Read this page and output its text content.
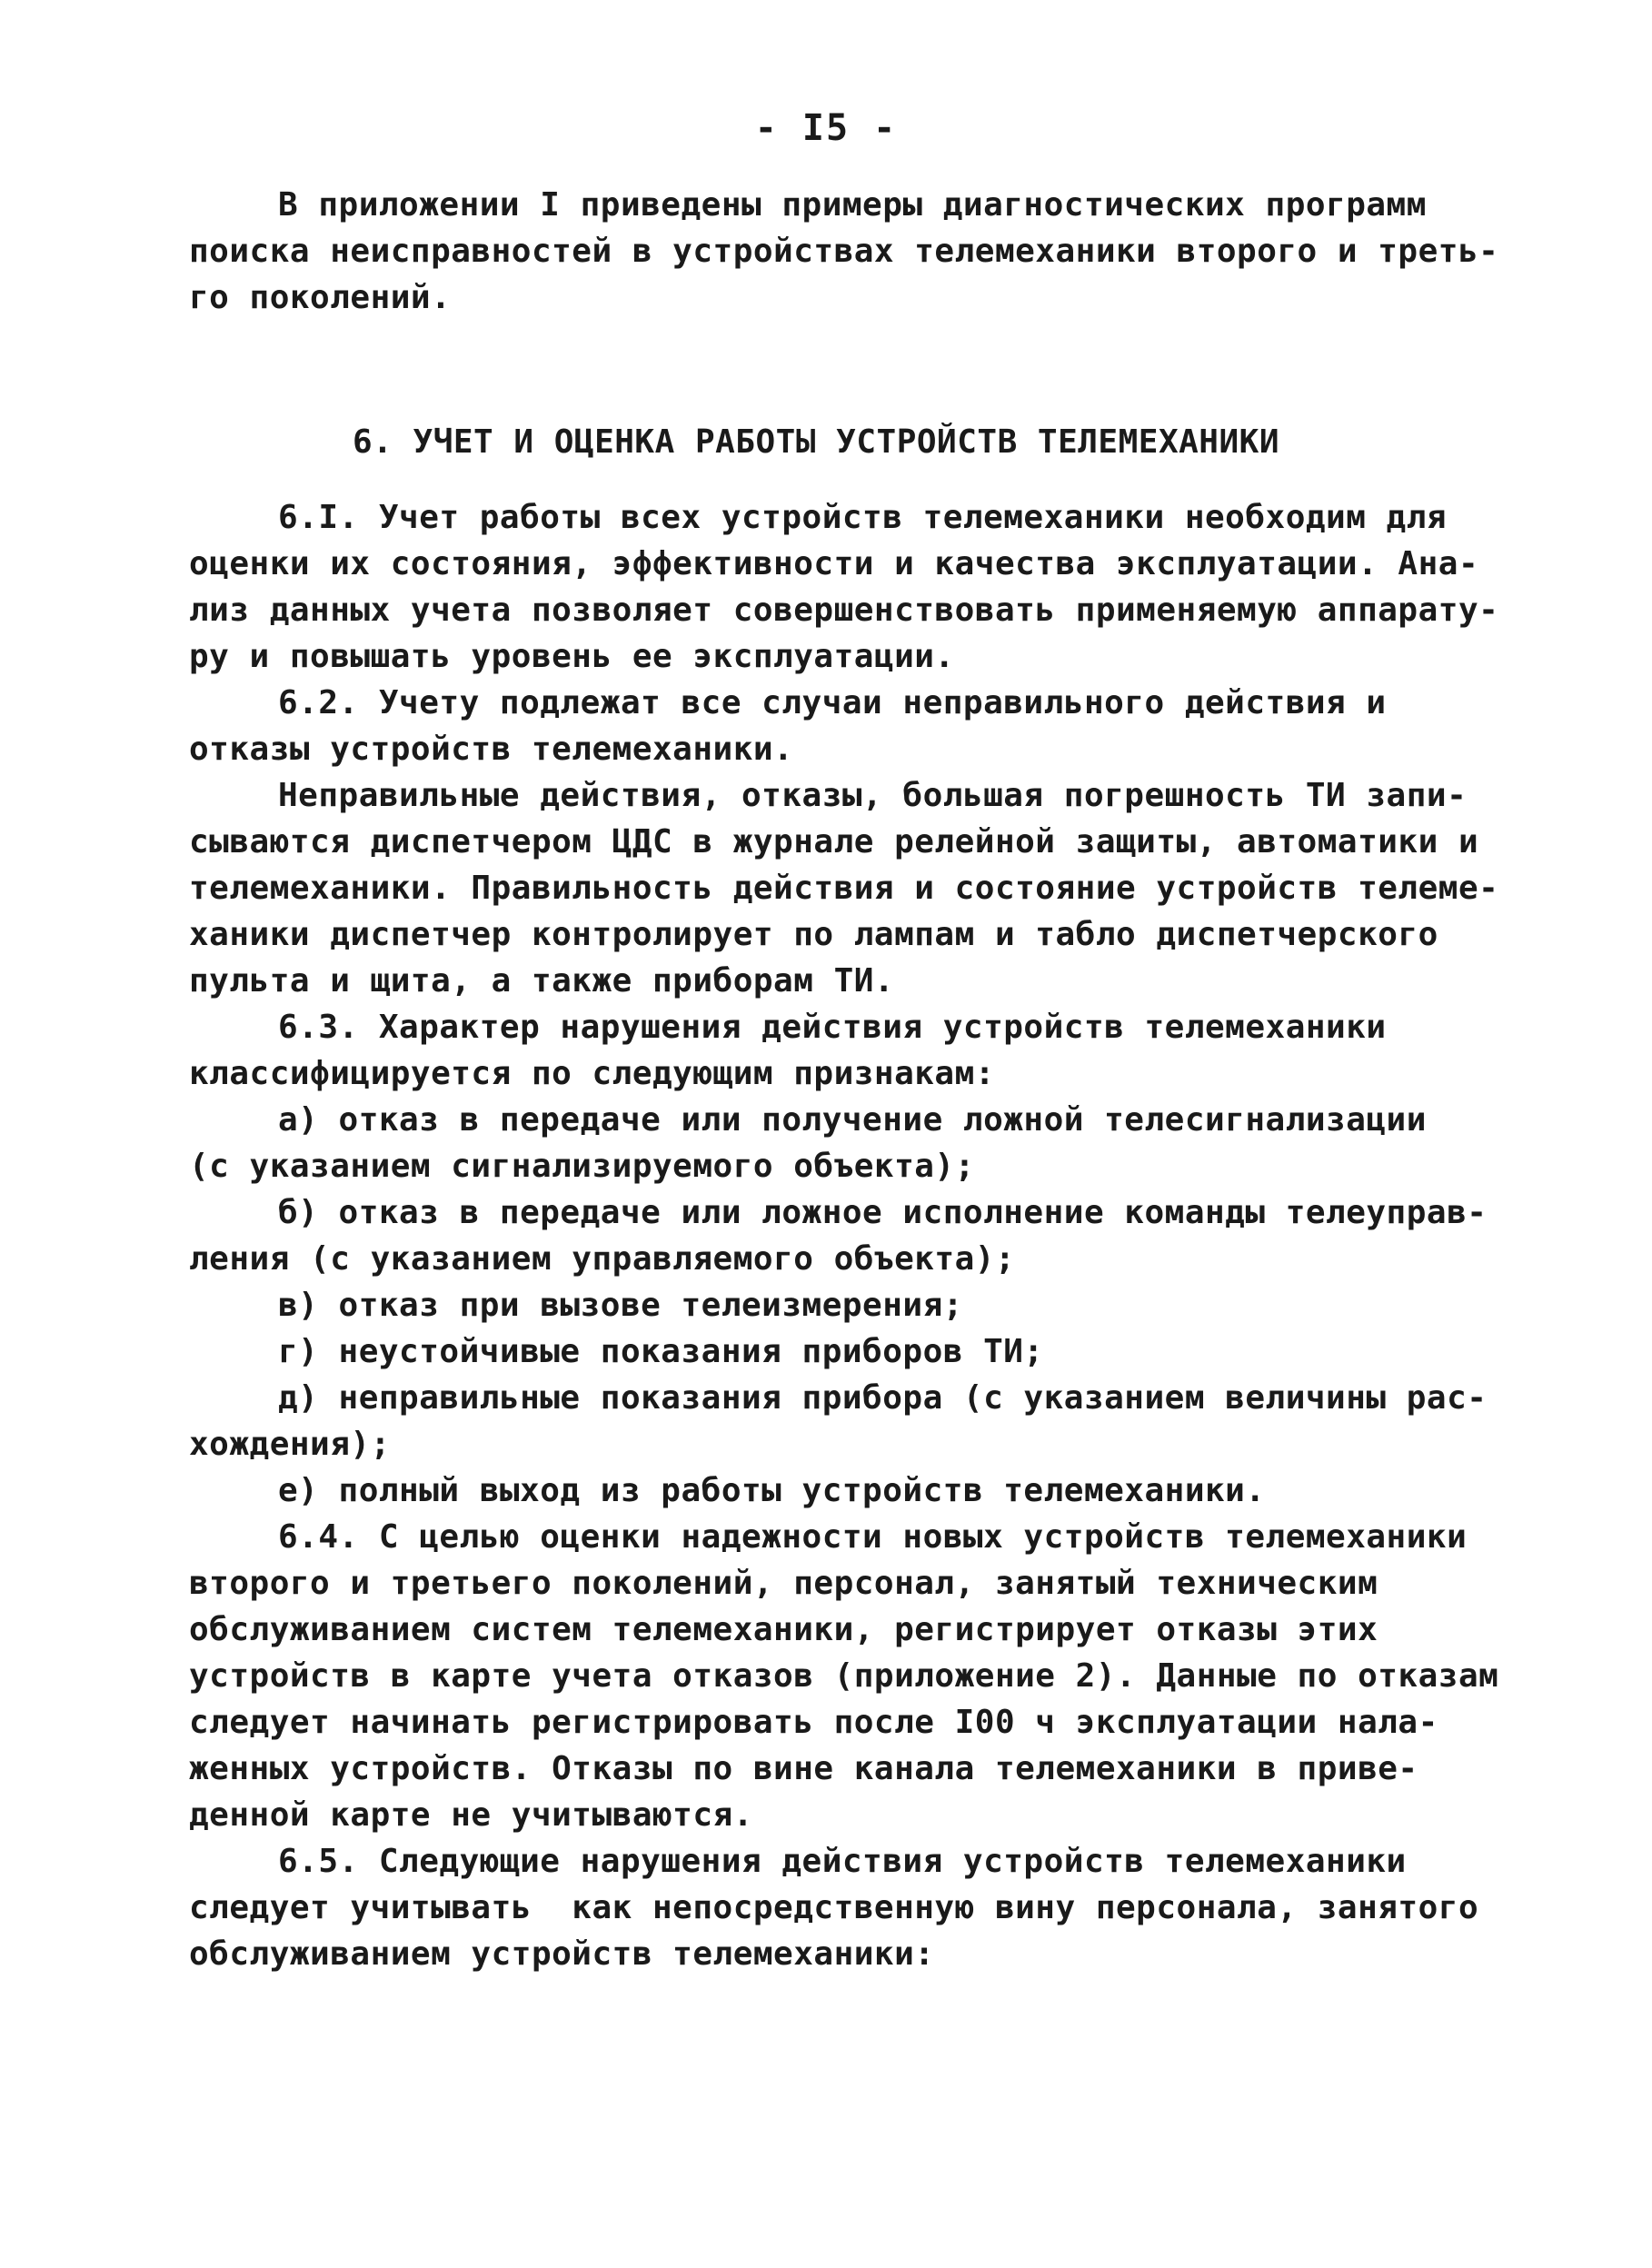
- I5 -
В приложении I приведены примеры диагностических программ
поиска неисправностей в устройствах телемеханики второго и треть-
го поколений.
6. УЧЕТ И ОЦЕНКА РАБОТЫ УСТРОЙСТВ ТЕЛЕМЕХАНИКИ
6.I. Учет работы всех устройств телемеханики необходим для
оценки их состояния, эффективности и качества эксплуатации. Ана-
лиз данных учета позволяет совершенствовать применяемую аппарату-
ру и повышать уровень ее эксплуатации.
6.2. Учету подлежат все случаи неправильного действия и
отказы устройств телемеханики.
Неправильные действия, отказы, большая погрешность ТИ запи-
сываются диспетчером ЦДС в журнале релейной защиты, автоматики и
телемеханики. Правильность действия и состояние устройств телеме-
ханики диспетчер контролирует по лампам и табло диспетчерского
пульта и щита, а также приборам ТИ.
6.3. Характер нарушения действия устройств телемеханики
классифицируется по следующим признакам:
а) отказ в передаче или получение ложной телесигнализации
(с указанием сигнализируемого объекта);
б) отказ в передаче или ложное исполнение команды телеуправ-
ления (с указанием управляемого объекта);
в) отказ при вызове телеизмерения;
г) неустойчивые показания приборов ТИ;
д) неправильные показания прибора (с указанием величины рас-
хождения);
е) полный выход из работы устройств телемеханики.
6.4. С целью оценки надежности новых устройств телемеханики
второго и третьего поколений, персонал, занятый техническим
обслуживанием систем телемеханики, регистрирует отказы этих
устройств в карте учета отказов (приложение 2). Данные по отказам
следует начинать регистрировать после I00 ч эксплуатации нала-
женных устройств. Отказы по вине канала телемеханики в приве-
денной карте не учитываются.
6.5. Следующие нарушения действия устройств телемеханики
следует учитывать  как непосредственную вину персонала, занятого
обслуживанием устройств телемеханики:
